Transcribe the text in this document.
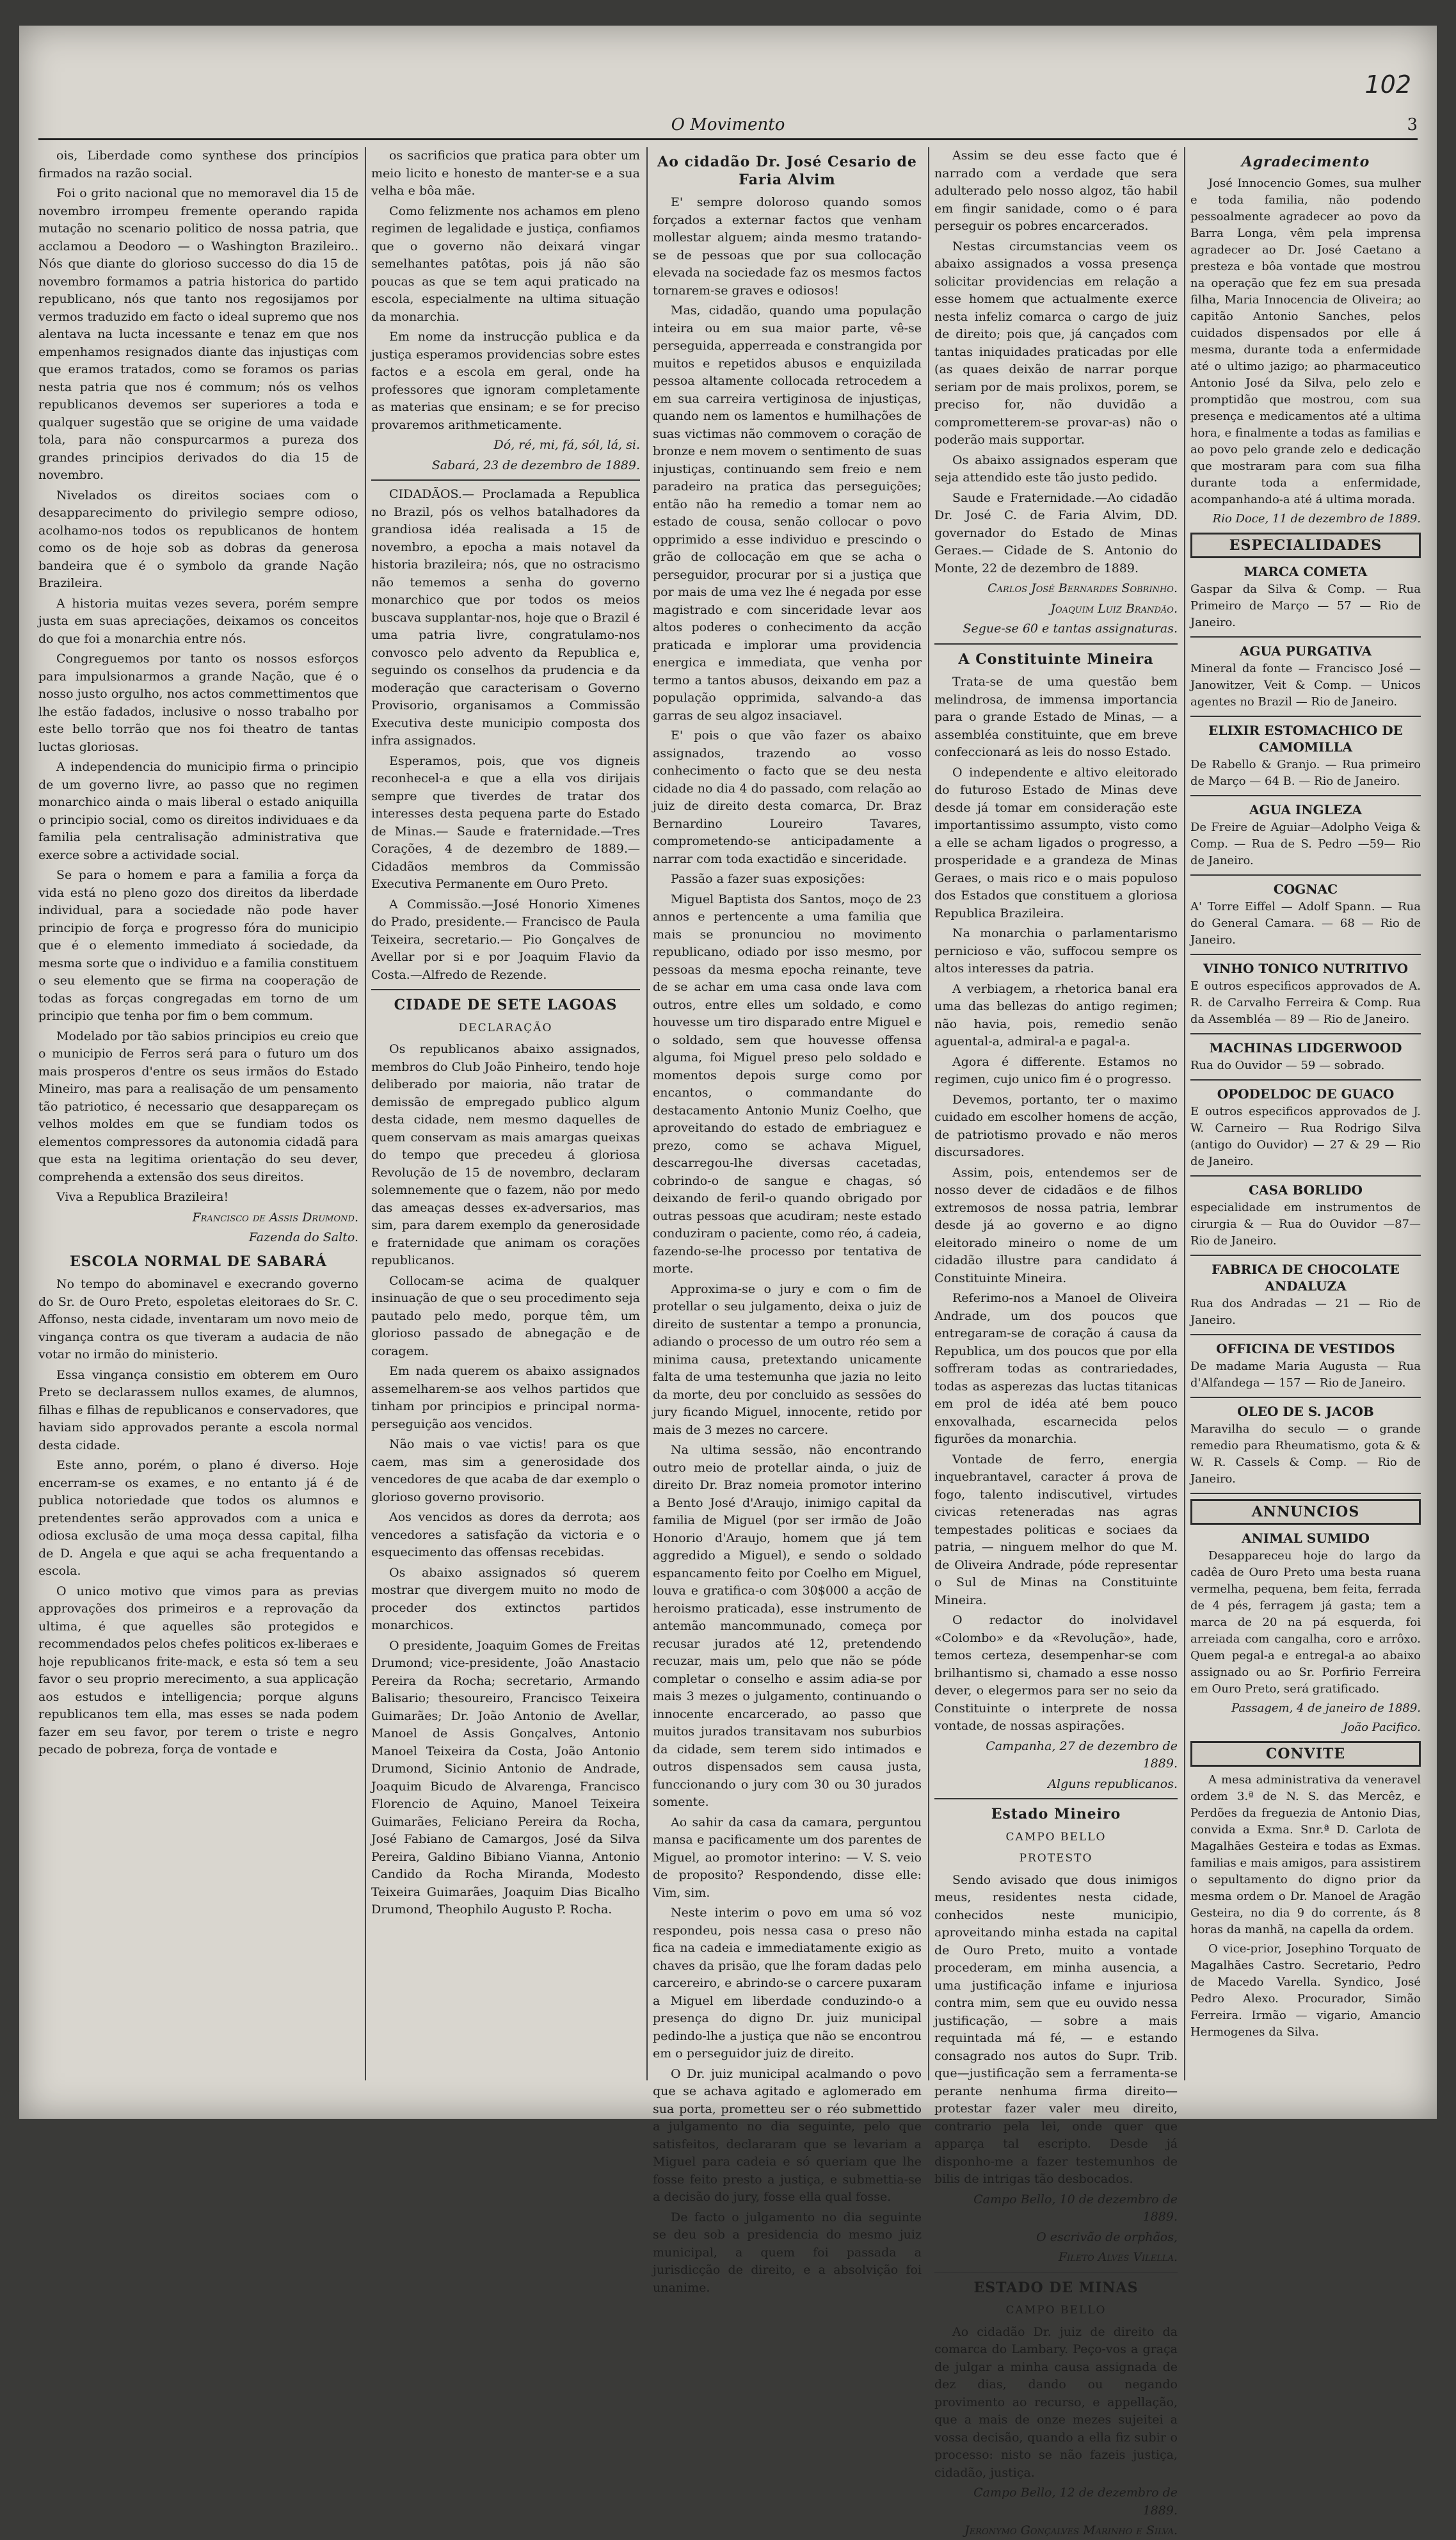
102
O Movimento	3

ois, Liberdade como synthese dos princípios firmados na razão social.

Foi o grito nacional que no memoravel dia 15 de novembro irrompeu fremente operando rapida mutação no scenario politico de nossa patria, que acclamou a Deodoro — o Washington Brazileiro.. Nós que diante do glorioso successo do dia 15 de novembro formamos a patria historica do partido republicano, nós que tanto nos regosijamos por vermos traduzido em facto o ideal supremo que nos alentava na lucta incessante e tenaz em que nos empenhamos resignados diante das injustiças com que eramos tratados, como se foramos os parias nesta patria que nos é commum; nós os velhos republicanos devemos ser superiores a toda e qualquer sugestão que se origine de uma vaidade tola, para não conspurcarmos a pureza dos grandes principios derivados do dia 15 de novembro.

Nivelados os direitos sociaes com o desapparecimento do privilegio sempre odioso, acolhamo-nos todos os republicanos de hontem como os de hoje sob as dobras da generosa bandeira que é o symbolo da grande Nação Brazileira.

A historia muitas vezes severa, porém sempre justa em suas apreciações, deixamos os conceitos do que foi a monarchia entre nós.

Congreguemos por tanto os nossos esforços para impulsionarmos a grande Nação, que é o nosso justo orgulho, nos actos commettimentos que lhe estão fadados, inclusive o nosso trabalho por este bello torrão que nos foi theatro de tantas luctas gloriosas.

A independencia do municipio firma o principio de um governo livre, ao passo que no regimen monarchico ainda o mais liberal o estado aniquilla o principio social, como os direitos individuaes e da familia pela centralisação administrativa que exerce sobre a actividade social.

Se para o homem e para a familia a força da vida está no pleno gozo dos direitos da liberdade individual, para a sociedade não pode haver principio de força e progresso fóra do municipio que é o elemento immediato á sociedade, da mesma sorte que o individuo e a familia constituem o seu elemento que se firma na cooperação de todas as forças congregadas em torno de um principio que tenha por fim o bem commum.

Modelado por tão sabios principios eu creio que o municipio de Ferros será para o futuro um dos mais prosperos d'entre os seus irmãos do Estado Mineiro, mas para a realisação de um pensamento tão patriotico, é necessario que desappareçam os velhos moldes em que se fundiam todos os elementos compressores da autonomia cidadã para que esta na legitima orientação do seu dever, comprehenda a extensão dos seus direitos.

Viva a Republica Brazileira!

Francisco de Assis Drumond.

Fazenda do Salto.

ESCOLA NORMAL DE SABARÁ

No tempo do abominavel e execrando governo do Sr. de Ouro Preto, espoletas eleitoraes do Sr. C. Affonso, nesta cidade, inventaram um novo meio de vingança contra os que tiveram a audacia de não votar no irmão do ministerio.

Essa vingança consistio em obterem em Ouro Preto se declarassem nullos exames, de alumnos, filhas e filhas de republicanos e conservadores, que haviam sido approvados perante a escola normal desta cidade.

Este anno, porém, o plano é diverso. Hoje encerram-se os exames, e no entanto já é de publica notoriedade que todos os alumnos e pretendentes serão approvados com a unica e odiosa exclusão de uma moça dessa capital, filha de D. Angela e que aqui se acha frequentando a escola.

O unico motivo que vimos para as previas approvações dos primeiros e a reprovação da ultima, é que aquelles são protegidos e recommendados pelos chefes politicos ex-liberaes e hoje republicanos frite-mack, e esta só tem a seu favor o seu proprio merecimento, a sua applicação aos estudos e intelligencia; porque alguns republicanos tem ella, mas esses se nada podem fazer em seu favor, por terem o triste e negro pecado de pobreza, força de vontade e

os sacrificios que pratica para obter um meio licito e honesto de manter-se e a sua velha e bôa mãe.

Como felizmente nos achamos em pleno regimen de legalidade e justiça, confiamos que o governo não deixará vingar semelhantes patôtas, pois já não são poucas as que se tem aqui praticado na escola, especialmente na ultima situação da monarchia.

Em nome da instrucção publica e da justiça esperamos providencias sobre estes factos e a escola em geral, onde ha professores que ignoram completamente as materias que ensinam; e se for preciso provaremos arithmeticamente.

Dó, ré, mi, fá, sól, lá, si.

Sabará, 23 de dezembro de 1889.

CIDADÃOS.— Proclamada a Republica no Brazil, pós os velhos batalhadores da grandiosa idéa realisada a 15 de novembro, a epocha a mais notavel da historia brazileira; nós, que no ostracismo não tememos a senha do governo monarchico que por todos os meios buscava supplantar-nos, hoje que o Brazil é uma patria livre, congratulamo-nos convosco pelo advento da Republica e, seguindo os conselhos da prudencia e da moderação que caracterisam o Governo Provisorio, organisamos a Commissão Executiva deste municipio composta dos infra assignados.

Esperamos, pois, que vos digneis reconhecel-a e que a ella vos dirijais sempre que tiverdes de tratar dos interesses desta pequena parte do Estado de Minas.— Saude e fraternidade.—Tres Corações, 4 de dezembro de 1889.—Cidadãos membros da Commissão Executiva Permanente em Ouro Preto.

A Commissão.—José Honorio Ximenes do Prado, presidente.— Francisco de Paula Teixeira, secretario.— Pio Gonçalves de Avellar por si e por Joaquim Flavio da Costa.—Alfredo de Rezende.

CIDADE DE SETE LAGOAS
DECLARAÇÃO

Os republicanos abaixo assignados, membros do Club João Pinheiro, tendo hoje deliberado por maioria, não tratar de demissão de empregado publico algum desta cidade, nem mesmo daquelles de quem conservam as mais amargas queixas do tempo que precedeu á gloriosa Revolução de 15 de novembro, declaram solemnemente que o fazem, não por medo das ameaças desses ex-adversarios, mas sim, para darem exemplo da generosidade e fraternidade que animam os corações republicanos.

Collocam-se acima de qualquer insinuação de que o seu procedimento seja pautado pelo medo, porque têm, um glorioso passado de abnegação e de coragem.

Em nada querem os abaixo assignados assemelharem-se aos velhos partidos que tinham por principios e principal norma-perseguição aos vencidos.

Não mais o vae victis! para os que caem, mas sim a generosidade dos vencedores de que acaba de dar exemplo o glorioso governo provisorio.

Aos vencidos as dores da derrota; aos vencedores a satisfação da victoria e o esquecimento das offensas recebidas.

Os abaixo assignados só querem mostrar que divergem muito no modo de proceder dos extinctos partidos monarchicos.

O presidente, Joaquim Gomes de Freitas Drumond; vice-presidente, João Anastacio Pereira da Rocha; secretario, Armando Balisario; thesoureiro, Francisco Teixeira Guimarães; Dr. João Antonio de Avellar, Manoel de Assis Gonçalves, Antonio Manoel Teixeira da Costa, João Antonio Drumond, Sicinio Antonio de Andrade, Joaquim Bicudo de Alvarenga, Francisco Florencio de Aquino, Manoel Teixeira Guimarães, Feliciano Pereira da Rocha, José Fabiano de Camargos, José da Silva Pereira, Galdino Bibiano Vianna, Antonio Candido da Rocha Miranda, Modesto Teixeira Guimarães, Joaquim Dias Bicalho Drumond, Theophilo Augusto P. Rocha.

Ao cidadão Dr. José Cesario de Faria Alvim

E' sempre doloroso quando somos forçados a externar factos que venham mollestar alguem; ainda mesmo tratando-se de pessoas que por sua collocação elevada na sociedade faz os mesmos factos tornarem-se graves e odiosos!

Mas, cidadão, quando uma população inteira ou em sua maior parte, vê-se perseguida, apperreada e constrangida por muitos e repetidos abusos e enquizilada pessoa altamente collocada retrocedem a em sua carreira vertiginosa de injustiças, quando nem os lamentos e humilhações de suas victimas não commovem o coração de bronze e nem movem o sentimento de suas injustiças, continuando sem freio e nem paradeiro na pratica das perseguições; então não ha remedio a tomar nem ao estado de cousa, senão collocar o povo opprimido a esse individuo e prescindo o grão de collocação em que se acha o perseguidor, procurar por si a justiça que por mais de uma vez lhe é negada por esse magistrado e com sinceridade levar aos altos poderes o conhecimento da acção praticada e implorar uma providencia energica e immediata, que venha por termo a tantos abusos, deixando em paz a população opprimida, salvando-a das garras de seu algoz insaciavel.

E' pois o que vão fazer os abaixo assignados, trazendo ao vosso conhecimento o facto que se deu nesta cidade no dia 4 do passado, com relação ao juiz de direito desta comarca, Dr. Braz Bernardino Loureiro Tavares, comprometendo-se anticipadamente a narrar com toda exactidão e sinceridade.

Passão a fazer suas exposições:

Miguel Baptista dos Santos, moço de 23 annos e pertencente a uma familia que mais se pronunciou no movimento republicano, odiado por isso mesmo, por pessoas da mesma epocha reinante, teve de se achar em uma casa onde lava com outros, entre elles um soldado, e como houvesse um tiro disparado entre Miguel e o soldado, sem que houvesse offensa alguma, foi Miguel preso pelo soldado e momentos depois surge como por encantos, o commandante do destacamento Antonio Muniz Coelho, que aproveitando do estado de embriaguez e prezo, como se achava Miguel, descarregou-lhe diversas cacetadas, cobrindo-o de sangue e chagas, só deixando de feril-o quando obrigado por outras pessoas que acudiram; neste estado conduziram o paciente, como réo, á cadeia, fazendo-se-lhe processo por tentativa de morte.

Approxima-se o jury e com o fim de protellar o seu julgamento, deixa o juiz de direito de sustentar a tempo a pronuncia, adiando o processo de um outro réo sem a minima causa, pretextando unicamente falta de uma testemunha que jazia no leito da morte, deu por concluido as sessões do jury ficando Miguel, innocente, retido por mais de 3 mezes no carcere.

Na ultima sessão, não encontrando outro meio de protellar ainda, o juiz de direito Dr. Braz nomeia promotor interino a Bento José d'Araujo, inimigo capital da familia de Miguel (por ser irmão de João Honorio d'Araujo, homem que já tem aggredido a Miguel), e sendo o soldado espancamento feito por Coelho em Miguel, louva e gratifica-o com 30$000 a acção de heroismo praticada), esse instrumento de antemão mancommunado, começa por recusar jurados até 12, pretendendo recuzar, mais um, pelo que não se póde completar o conselho e assim adia-se por mais 3 mezes o julgamento, continuando o innocente encarcerado, ao passo que muitos jurados transitavam nos suburbios da cidade, sem terem sido intimados e outros dispensados sem causa justa, funccionando o jury com 30 ou 30 jurados somente.

Ao sahir da casa da camara, perguntou mansa e pacificamente um dos parentes de Miguel, ao promotor interino: — V. S. veio de proposito? Respondendo, disse elle: Vim, sim.

Neste interim o povo em uma só voz respondeu, pois nessa casa o preso não fica na cadeia e immediatamente exigio as chaves da prisão, que lhe foram dadas pelo carcereiro, e abrindo-se o carcere puxaram a Miguel em liberdade conduzindo-o a presença do digno Dr. juiz municipal pedindo-lhe a justiça que não se encontrou em o perseguidor juiz de direito.

O Dr. juiz municipal acalmando o povo que se achava agitado e aglomerado em sua porta, prometteu ser o réo submettido a julgamento no dia seguinte, pelo que satisfeitos, declararam que se levariam a Miguel para cadeia e só queriam que lhe fosse feito presto a justiça, e submettia-se a decisão do jury, fosse ella qual fosse.

De facto o julgamento no dia seguinte se deu sob a presidencia do mesmo juiz municipal, a quem foi passada a jurisdicção de direito, e a absolvição foi unanime.

Assim se deu esse facto que é narrado com a verdade que sera adulterado pelo nosso algoz, tão habil em fingir sanidade, como o é para perseguir os pobres encarcerados.

Nestas circumstancias veem os abaixo assignados a vossa presença solicitar providencias em relação a esse homem que actualmente exerce nesta infeliz comarca o cargo de juiz de direito; pois que, já cançados com tantas iniquidades praticadas por elle (as quaes deixão de narrar porque seriam por de mais prolixos, porem, se preciso for, não duvidão a comprometterem-se provar-as) não o poderão mais supportar.

Os abaixo assignados esperam que seja attendido este tão justo pedido.

Saude e Fraternidade.—Ao cidadão Dr. José C. de Faria Alvim, DD. governador do Estado de Minas Geraes.— Cidade de S. Antonio do Monte, 22 de dezembro de 1889.

Carlos José Bernardes Sobrinho.

Joaquim Luiz Brandão.

Segue-se 60 e tantas assignaturas.

A Constituinte Mineira

Trata-se de uma questão bem melindrosa, de immensa importancia para o grande Estado de Minas, — a assembléa constituinte, que em breve confeccionará as leis do nosso Estado.

O independente e altivo eleitorado do futuroso Estado de Minas deve desde já tomar em consideração este importantissimo assumpto, visto como a elle se acham ligados o progresso, a prosperidade e a grandeza de Minas Geraes, o mais rico e o mais populoso dos Estados que constituem a gloriosa Republica Brazileira.

Na monarchia o parlamentarismo pernicioso e vão, suffocou sempre os altos interesses da patria.

A verbiagem, a rhetorica banal era uma das bellezas do antigo regimen; não havia, pois, remedio senão aguental-a, admiral-a e pagal-a.

Agora é differente. Estamos no regimen, cujo unico fim é o progresso.

Devemos, portanto, ter o maximo cuidado em escolher homens de acção, de patriotismo provado e não meros discursadores.

Assim, pois, entendemos ser de nosso dever de cidadãos e de filhos extremosos de nossa patria, lembrar desde já ao governo e ao digno eleitorado mineiro o nome de um cidadão illustre para candidato á Constituinte Mineira.

Referimo-nos a Manoel de Oliveira Andrade, um dos poucos que entregaram-se de coração á causa da Republica, um dos poucos que por ella soffreram todas as contrariedades, todas as asperezas das luctas titanicas em prol de idéa até bem pouco enxovalhada, escarnecida pelos figurões da monarchia.

Vontade de ferro, energia inquebrantavel, caracter á prova de fogo, talento indiscutivel, virtudes civicas reteneradas nas agras tempestades politicas e sociaes da patria, — ninguem melhor do que M. de Oliveira Andrade, póde representar o Sul de Minas na Constituinte Mineira.

O redactor do inolvidavel «Colombo» e da «Revolução», hade, temos certeza, desempenhar-se com brilhantismo si, chamado a esse nosso dever, o elegermos para ser no seio da Constituinte o interprete de nossa vontade, de nossas aspirações.

Campanha, 27 de dezembro de 1889.

Alguns republicanos.

Estado Mineiro
CAMPO BELLO
PROTESTO

Sendo avisado que dous inimigos meus, residentes nesta cidade, conhecidos neste municipio, aproveitando minha estada na capital de Ouro Preto, muito a vontade procederam, em minha ausencia, a uma justificação infame e injuriosa contra mim, sem que eu ouvido nessa justificação, — sobre a mais requintada má fé, — e estando consagrado nos autos do Supr. Trib. que—justificação sem a ferramenta-se perante nenhuma firma direito— protestar fazer valer meu direito, contrario pela lei, onde quer que apparça tal escripto. Desde já disponho-me a fazer testemunhos de bilis de intrigas tão desbocados.

Campo Bello, 10 de dezembro de 1889.

O escrivão de orphãos,

Fileto Alves Vilella.

ESTADO DE MINAS
CAMPO BELLO

Ao cidadão Dr. juiz de direito da comarca do Lambary. Peço-vos a graça de julgar a minha causa assignada de dez dias, dando ou negando provimento ao recurso, e appellação, que a mais de onze mezes sujeitei a vossa decisão, quando a ella fiz subir o processo: nisto se não fazeis justiça, cidadão, justiça.

Campo Bello, 12 de dezembro de 1889.

Jeronymo Gonçalves Marinho e Silva.

Agradecimento

José Innocencio Gomes, sua mulher e toda familia, não podendo pessoalmente agradecer ao povo da Barra Longa, vêm pela imprensa agradecer ao Dr. José Caetano a presteza e bôa vontade que mostrou na operação que fez em sua presada filha, Maria Innocencia de Oliveira; ao capitão Antonio Sanches, pelos cuidados dispensados por elle á mesma, durante toda a enfermidade até o ultimo jazigo; ao pharmaceutico Antonio José da Silva, pelo zelo e promptidão que mostrou, com sua presença e medicamentos até a ultima hora, e finalmente a todas as familias e ao povo pelo grande zelo e dedicação que mostraram para com sua filha durante toda a enfermidade, acompanhando-a até á ultima morada.

Rio Doce, 11 de dezembro de 1889.

ESPECIALIDADES
MARCA COMETA

Gaspar da Silva & Comp. — Rua Primeiro de Março — 57 — Rio de Janeiro.

AGUA PURGATIVA

Mineral da fonte — Francisco José — Janowitzer, Veit & Comp. — Unicos agentes no Brazil — Rio de Janeiro.

ELIXIR ESTOMACHICO DE CAMOMILLA

De Rabello & Granjo. — Rua primeiro de Março — 64 B. — Rio de Janeiro.

AGUA INGLEZA

De Freire de Aguiar—Adolpho Veiga & Comp. — Rua de S. Pedro —59— Rio de Janeiro.

COGNAC

A' Torre Eiffel — Adolf Spann. — Rua do General Camara. — 68 — Rio de Janeiro.

VINHO TONICO NUTRITIVO

E outros especificos approvados de A. R. de Carvalho Ferreira & Comp. Rua da Assembléa — 89 — Rio de Janeiro.

MACHINAS LIDGERWOOD

Rua do Ouvidor — 59 — sobrado.

OPODELDOC DE GUACO

E outros especificos approvados de J. W. Carneiro — Rua Rodrigo Silva (antigo do Ouvidor) — 27 & 29 — Rio de Janeiro.

CASA BORLIDO

especialidade em instrumentos de cirurgia & — Rua do Ouvidor —87— Rio de Janeiro.

FABRICA DE CHOCOLATE ANDALUZA

Rua dos Andradas — 21 — Rio de Janeiro.

OFFICINA DE VESTIDOS

De madame Maria Augusta — Rua d'Alfandega — 157 — Rio de Janeiro.

OLEO DE S. JACOB

Maravilha do seculo — o grande remedio para Rheumatismo, gota & & W. R. Cassels & Comp. — Rio de Janeiro.

ANNUNCIOS
ANIMAL SUMIDO

Desappareceu hoje do largo da cadêa de Ouro Preto uma besta ruana vermelha, pequena, bem feita, ferrada de 4 pés, ferragem já gasta; tem a marca de 20 na pá esquerda, foi arreiada com cangalha, coro e arrôxo. Quem pegal-a e entregal-a ao abaixo assignado ou ao Sr. Porfirio Ferreira em Ouro Preto, será gratificado.

Passagem, 4 de janeiro de 1889.

João Pacifico.

CONVITE

A mesa administrativa da veneravel ordem 3.ª de N. S. das Mercêz, e Perdões da freguezia de Antonio Dias, convida a Exma. Snr.ª D. Carlota de Magalhães Gesteira e todas as Exmas. familias e mais amigos, para assistirem o sepultamento do digno prior da mesma ordem o Dr. Manoel de Aragão Gesteira, no dia 9 do corrente, ás 8 horas da manhã, na capella da ordem.

O vice-prior, Josephino Torquato de Magalhães Castro. Secretario, Pedro de Macedo Varella. Syndico, José Pedro Alexo. Procurador, Simão Ferreira. Irmão — vigario, Amancio Hermogenes da Silva.
